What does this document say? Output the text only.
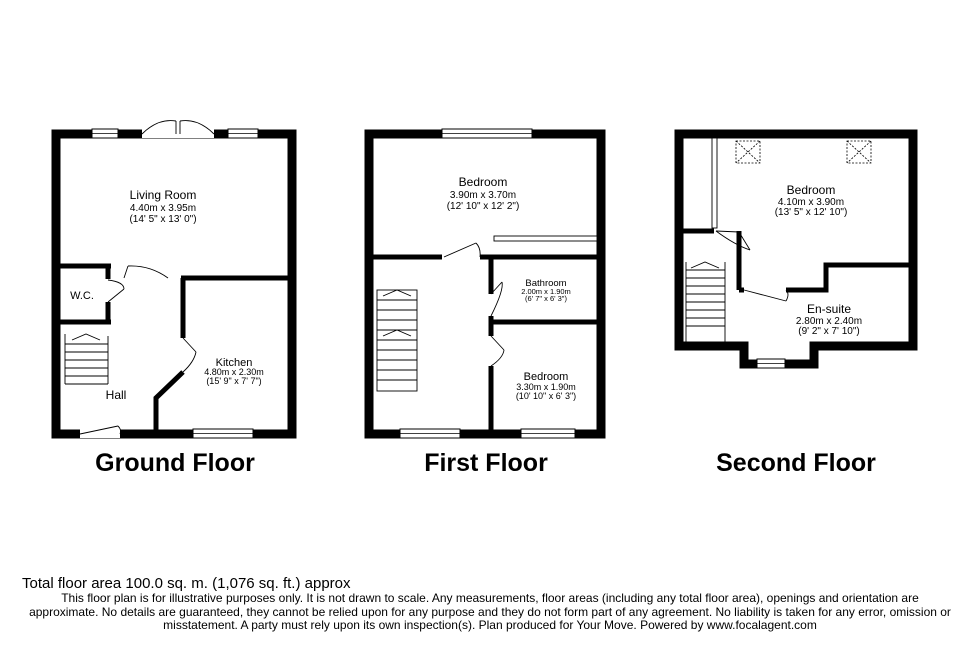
Living Room
4.40m x 3.95m
(14' 5" x 13' 0")
W.C.
Hall
Kitchen
4.80m x 2.30m
(15' 9" x 7' 7")
Ground Floor
Bedroom
3.90m x 3.70m
(12' 10" x 12' 2")
Bathroom
2.00m x 1.90m
(6' 7" x 6' 3")
Bedroom
3.30m x 1.90m
(10' 10" x 6' 3")
First Floor
Bedroom
4.10m x 3.90m
(13' 5" x 12' 10")
En-suite
2.80m x 2.40m
(9' 2" x 7' 10")
Second Floor

Total floor area 100.0 sq. m. (1,076 sq. ft.) approx

This floor plan is for illustrative purposes only. It is not drawn to scale. Any measurements, floor areas (including any total floor area), openings and orientation are approximate. No details are guaranteed, they cannot be relied upon for any purpose and they do not form part of any agreement. No liability is taken for any error, omission or misstatement. A party must rely upon its own inspection(s). Plan produced for Your Move. Powered by www.focalagent.com
